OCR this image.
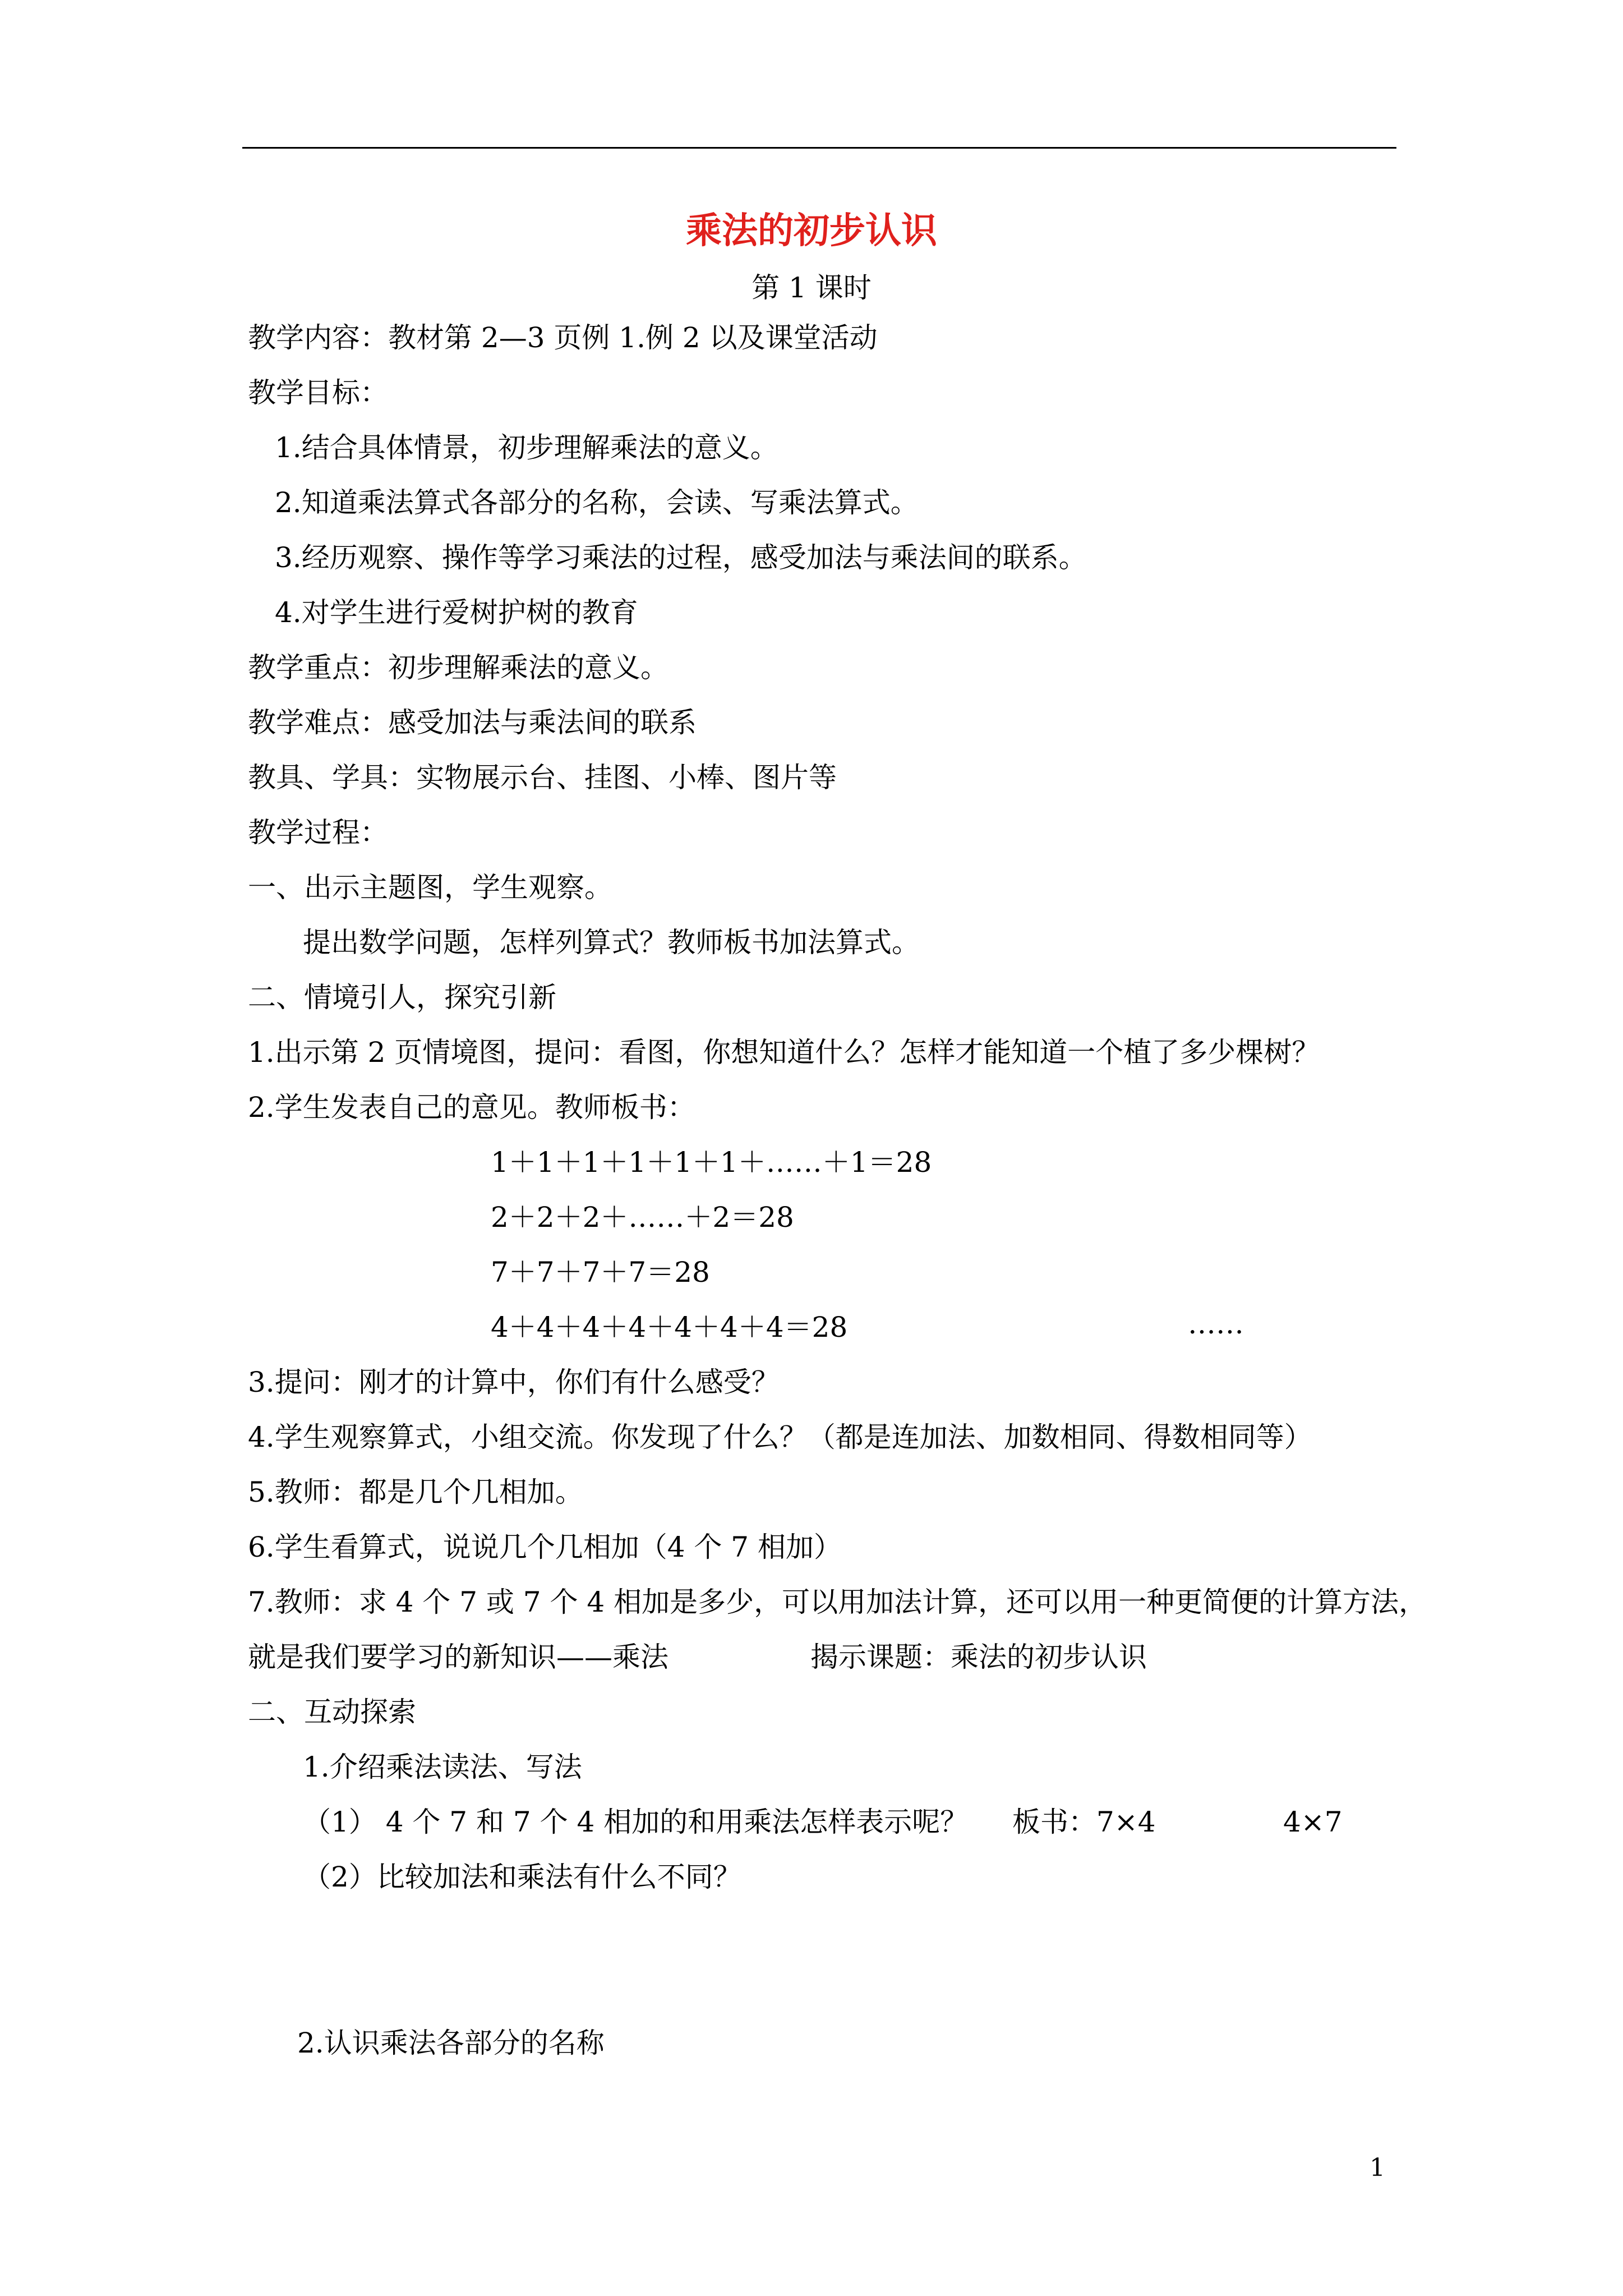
乘法的初步认识
第 1 课时
教学内容：教材第 2—3 页例 1.例 2 以及课堂活动
教学目标：
1.结合具体情景，初步理解乘法的意义。
2.知道乘法算式各部分的名称，会读、写乘法算式。
3.经历观察、操作等学习乘法的过程，感受加法与乘法间的联系。
4.对学生进行爱树护树的教育
教学重点：初步理解乘法的意义。
教学难点：感受加法与乘法间的联系
教具、学具：实物展示台、挂图、小棒、图片等
教学过程：
一、出示主题图，学生观察。
提出数学问题，怎样列算式？教师板书加法算式。
二、情境引人，探究引新
1.出示第 2 页情境图，提问：看图，你想知道什么？怎样才能知道一个植了多少棵树？
2.学生发表自己的意见。教师板书：
1＋1＋1＋1＋1＋1＋……＋1＝28
2＋2＋2＋……＋2＝28
7＋7＋7＋7＝28
4＋4＋4＋4＋4＋4＋4＝28	……
3.提问：刚才的计算中，你们有什么感受？
4.学生观察算式，小组交流。你发现了什么？（都是连加法、加数相同、得数相同等）
5.教师：都是几个几相加。
6.学生看算式，说说几个几相加（4 个 7 相加）
7.教师：求 4 个 7 或 7 个 4 相加是多少，可以用加法计算，还可以用一种更简便的计算方法，
就是我们要学习的新知识——乘法	揭示课题：乘法的初步认识
二、互动探索
1.介绍乘法读法、写法
（1） 4 个 7 和 7 个 4 相加的和用乘法怎样表示呢？ 板书：7×4	4×7
（2）比较加法和乘法有什么不同？
2.认识乘法各部分的名称
1
